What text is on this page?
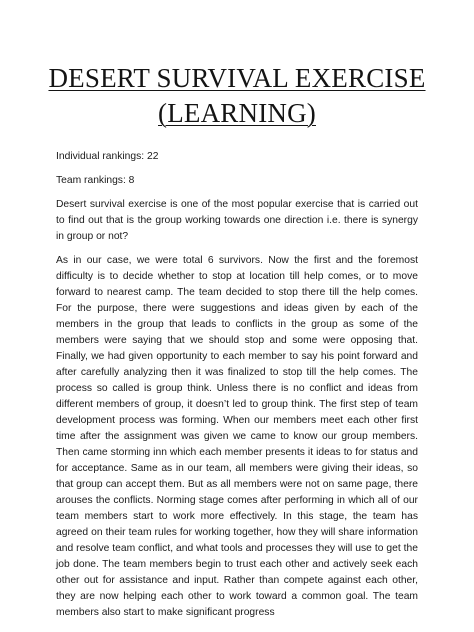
DESERT SURVIVAL EXERCISE
(LEARNING)

Individual rankings: 22

Team rankings: 8

Desert survival exercise is one of the most popular exercise that is carried out to find out that is the group working towards one direction i.e. there is synergy in group or not?

As in our case, we were total 6 survivors. Now the first and the foremost difficulty is to decide whether to stop at location till help comes, or to move forward to nearest camp. The team decided to stop there till the help comes. For the purpose, there were suggestions and ideas given by each of the members in the group that leads to conflicts in the group as some of the members were saying that we should stop and some were opposing that. Finally, we had given opportunity to each member to say his point forward and after carefully analyzing then it was finalized to stop till the help comes. The process so called is group think. Unless there is no conflict and ideas from different members of group, it doesn’t led to group think. The first step of team development process was forming. When our members meet each other first time after the assignment was given we came to know our group members. Then came storming inn which each member presents it ideas to for status and for acceptance. Same as in our team, all members were giving their ideas, so that group can accept them. But as all members were not on same page, there arouses the conflicts. Norming stage comes after performing in which all of our team members start to work more effectively. In this stage, the team has agreed on their team rules for working together, how they will share information and resolve team conflict, and what tools and processes they will use to get the job done. The team members begin to trust each other and actively seek each other out for assistance and input. Rather than compete against each other, they are now helping each other to work toward a common goal. The team members also start to make significant progress
